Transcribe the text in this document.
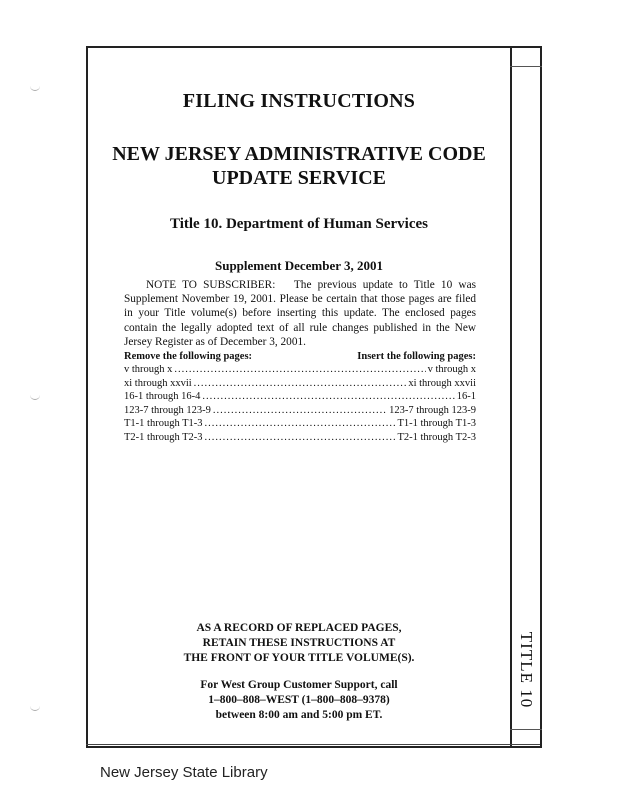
TITLE 10
FILING INSTRUCTIONS
NEW JERSEY ADMINISTRATIVE CODE
UPDATE SERVICE
Title 10. Department of Human Services
Supplement December 3, 2001
NOTE TO SUBSCRIBER: The previous update to Title 10 was Supplement November 19, 2001. Please be certain that those pages are filed in your Title volume(s) before inserting this update. The enclosed pages contain the legally adopted text of all rule changes published in the New Jersey Register as of December 3, 2001.
Remove the following pages:	Insert the following pages:
v through x .....	v through x
xi through xxvii .....	xi through xxvii
16-1 through 16-4 .....	16-1
123-7 through 123-9 .....	123-7 through 123-9
T1-1 through T1-3 .....	T1-1 through T1-3
T2-1 through T2-3 .....	T2-1 through T2-3
AS A RECORD OF REPLACED PAGES,
RETAIN THESE INSTRUCTIONS AT
THE FRONT OF YOUR TITLE VOLUME(S).
For West Group Customer Support, call
1–800–808–WEST (1–800–808–9378)
between 8:00 am and 5:00 pm ET.
New Jersey State Library
